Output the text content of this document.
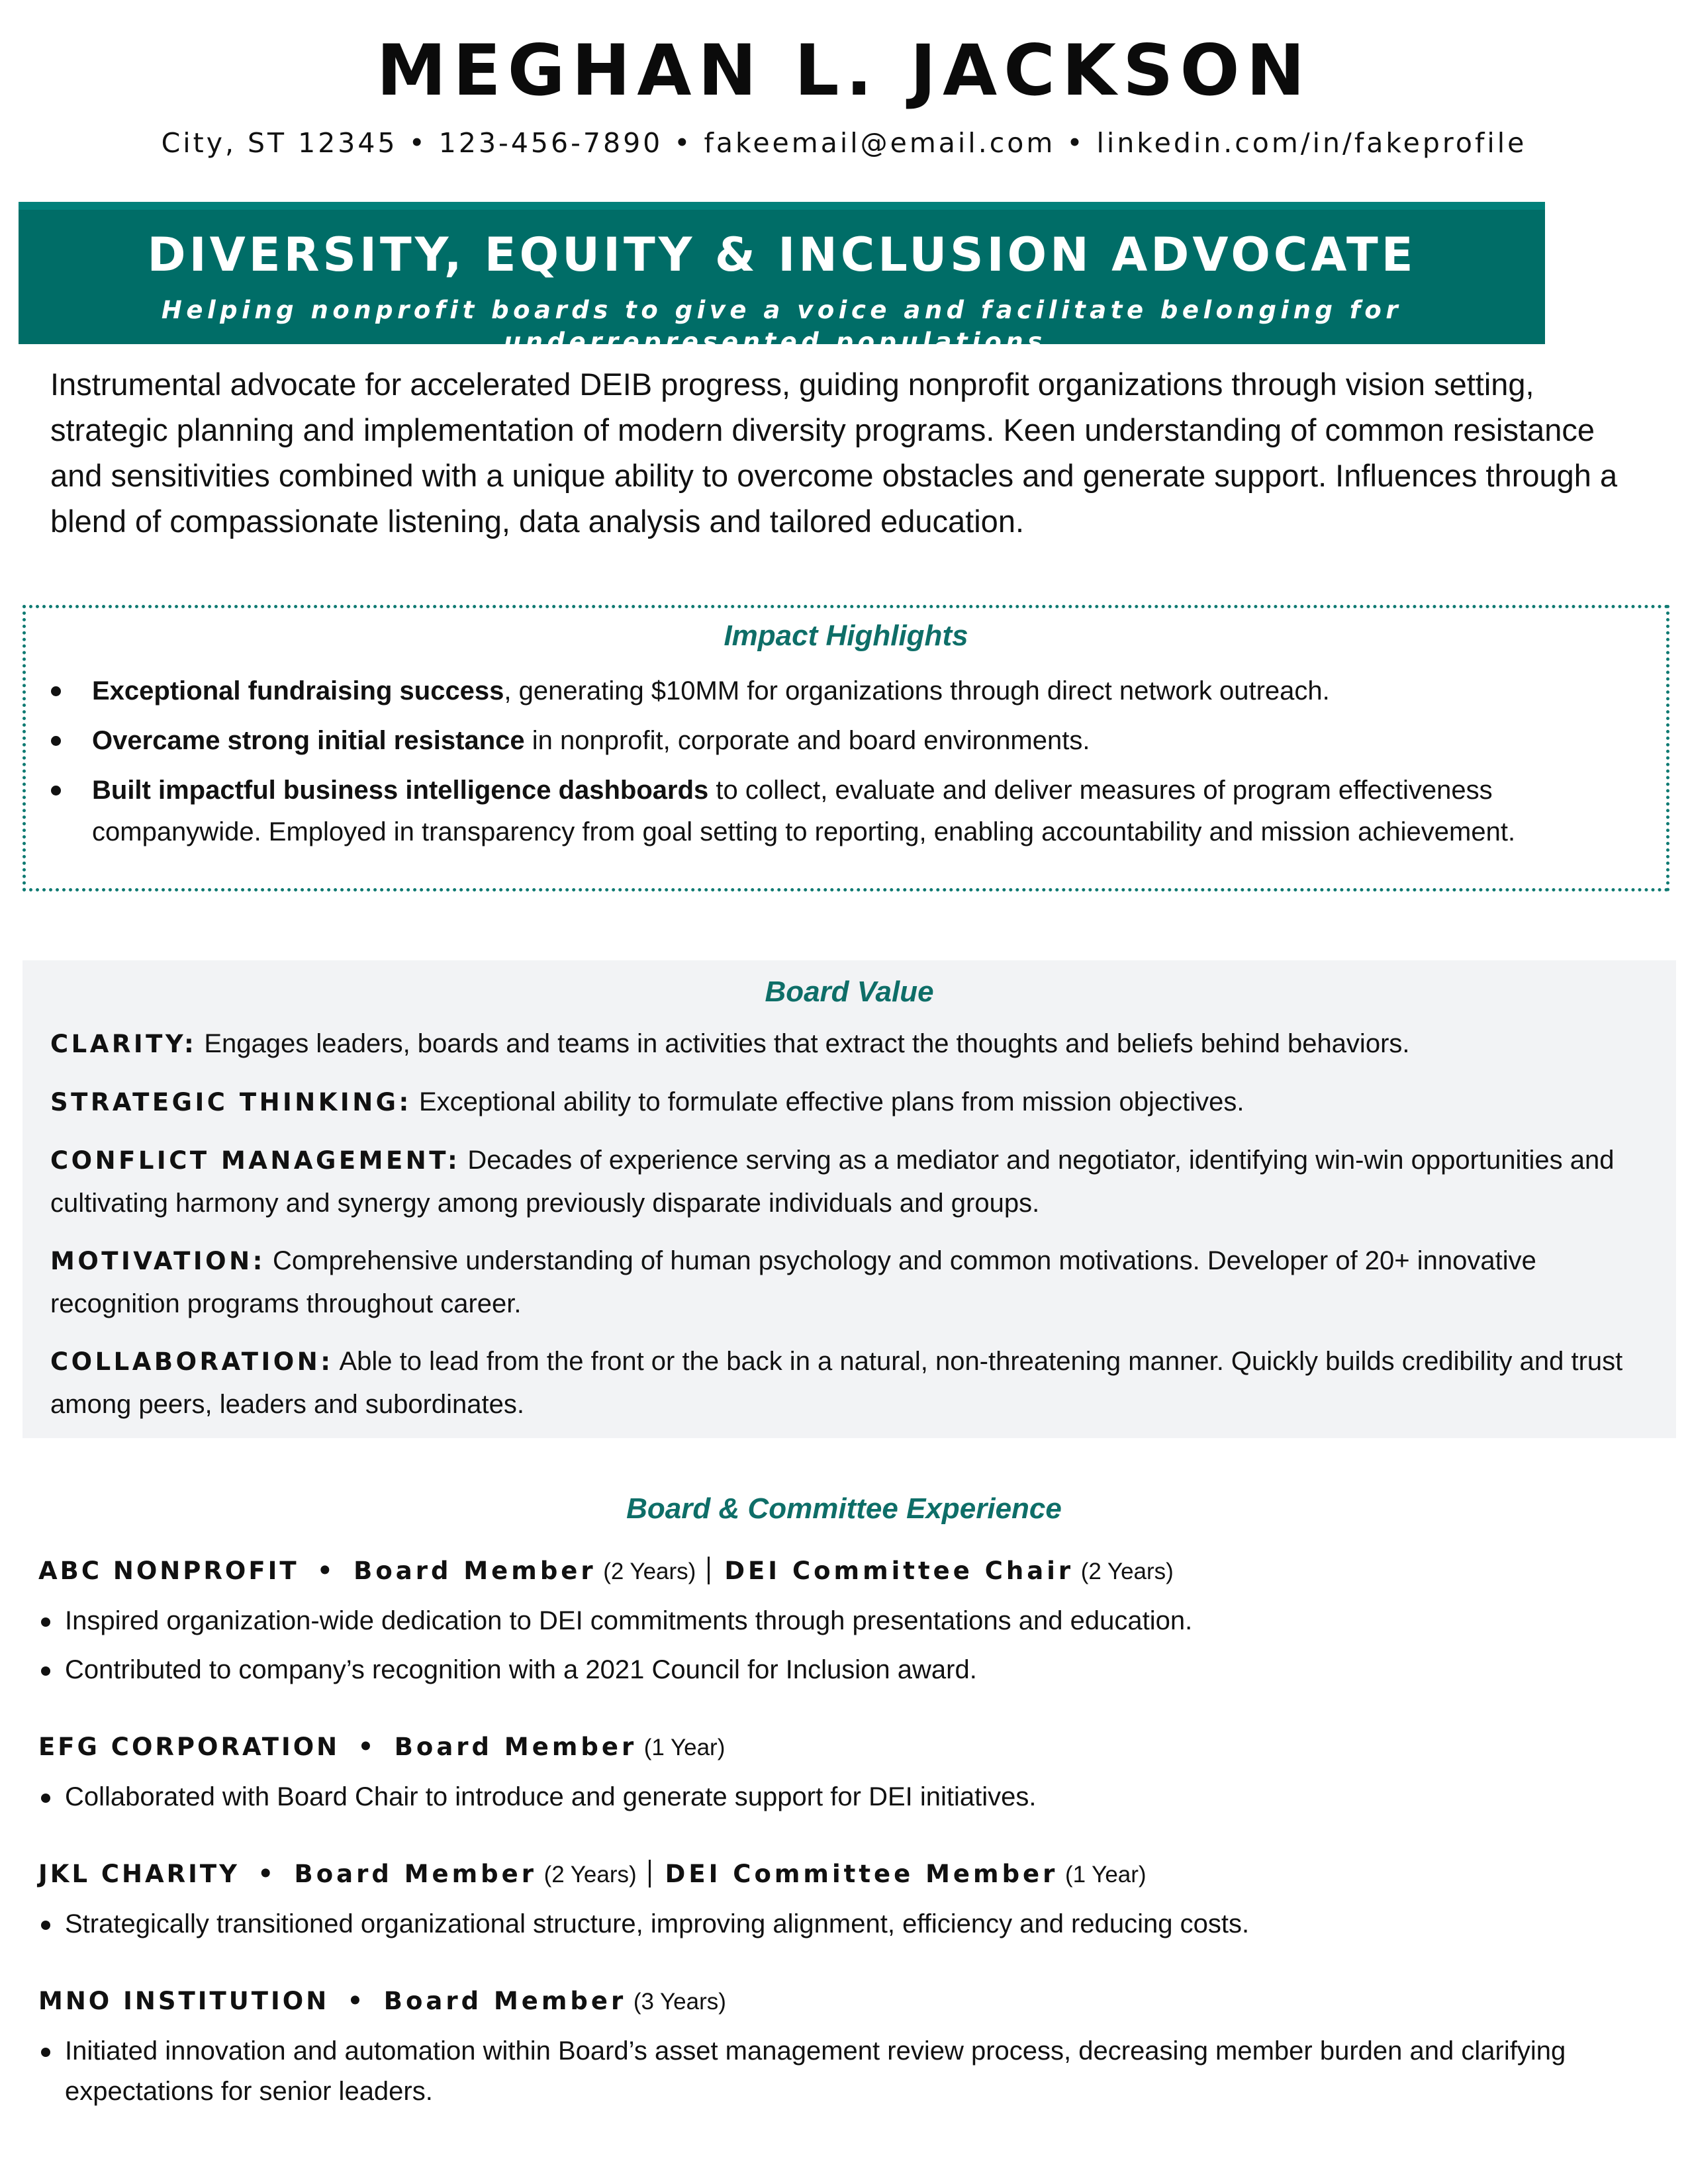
MEGHAN L. JACKSON
City, ST 12345 • 123-456-7890 • fakeemail@email.com • linkedin.com/in/fakeprofile
DIVERSITY, EQUITY & INCLUSION ADVOCATE
Helping nonprofit boards to give a voice and facilitate belonging for underrepresented populations.
Instrumental advocate for accelerated DEIB progress, guiding nonprofit organizations through vision setting, strategic planning and implementation of modern diversity programs. Keen understanding of common resistance and sensitivities combined with a unique ability to overcome obstacles and generate support. Influences through a blend of compassionate listening, data analysis and tailored education.
Impact Highlights
Exceptional fundraising success, generating $10MM for organizations through direct network outreach.
Overcame strong initial resistance in nonprofit, corporate and board environments.
Built impactful business intelligence dashboards to collect, evaluate and deliver measures of program effectiveness companywide. Employed in transparency from goal setting to reporting, enabling accountability and mission achievement.
Board Value
CLARITY: Engages leaders, boards and teams in activities that extract the thoughts and beliefs behind behaviors.
STRATEGIC THINKING: Exceptional ability to formulate effective plans from mission objectives.
CONFLICT MANAGEMENT: Decades of experience serving as a mediator and negotiator, identifying win-win opportunities and cultivating harmony and synergy among previously disparate individuals and groups.
MOTIVATION: Comprehensive understanding of human psychology and common motivations. Developer of 20+ innovative recognition programs throughout career.
COLLABORATION: Able to lead from the front or the back in a natural, non-threatening manner. Quickly builds credibility and trust among peers, leaders and subordinates.
Board & Committee Experience
ABC NONPROFIT  •  Board Member (2 Years) DEI Committee Chair (2 Years)
Inspired organization-wide dedication to DEI commitments through presentations and education.
Contributed to company’s recognition with a 2021 Council for Inclusion award.
EFG CORPORATION  •  Board Member (1 Year)
Collaborated with Board Chair to introduce and generate support for DEI initiatives.
JKL CHARITY  •  Board Member (2 Years) DEI Committee Member (1 Year)
Strategically transitioned organizational structure, improving alignment, efficiency and reducing costs.
MNO INSTITUTION  •  Board Member (3 Years)
Initiated innovation and automation within Board’s asset management review process, decreasing member burden and clarifying expectations for senior leaders.
